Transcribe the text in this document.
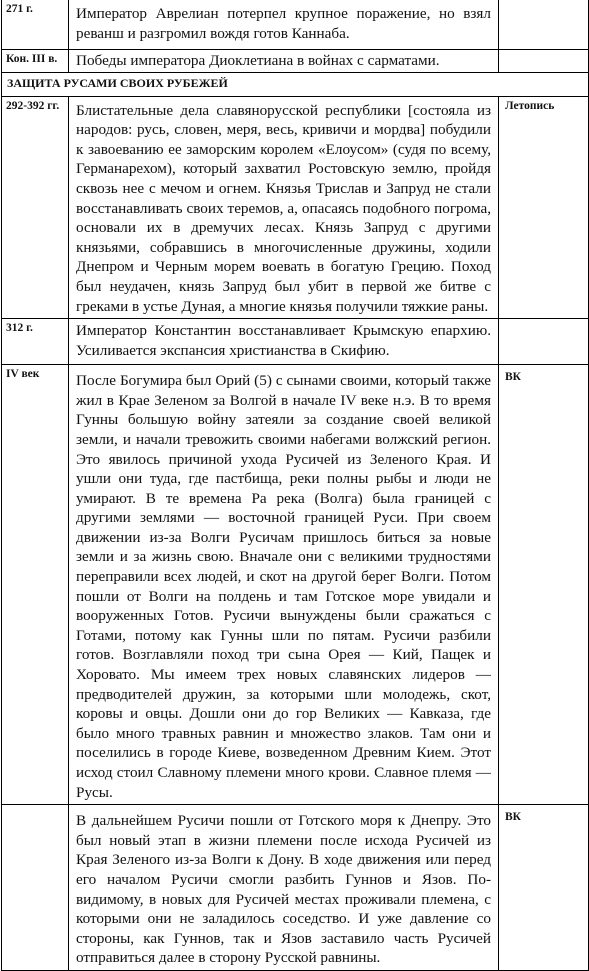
271 г.	Император Аврелиан потерпел крупное поражение, но взял реванш и разгромил вождя готов Каннаба.	
Кон. III в.	Победы императора Диоклетиана в войнах с сарматами.	
ЗАЩИТА РУСАМИ СВОИХ РУБЕЖЕЙ		
292-392 гг.	Блистательные дела славянорусской республики [состояла из народов: русь, словен, меря, весь, кривичи и мордва] побудили к завоеванию ее заморским королем «Елоусом» (судя по всему, Германарехом), который захватил Ростовскую землю, пройдя сквозь нее с мечом и огнем. Князья Трислав и Запруд не стали восстанавливать своих теремов, а, опасаясь подобного погрома, основали их в дремучих лесах. Князь Запруд с другими князьями, собравшись в многочисленные дружины, ходили Днепром и Черным морем воевать в богатую Грецию. Поход был неудачен, князь Запруд был убит в первой же битве с греками в устье Дуная, а многие князья получили тяжкие раны.	Летопись
312 г.	Император Константин восстанавливает Крымскую епархию. Усиливается экспансия христианства в Скифию.	
IV век	После Богумира был Орий (5) с сынами своими, который также жил в Крае Зеленом за Волгой в начале IV веке н.э. В то время Гунны большую войну затеяли за создание своей великой земли, и начали тревожить своими набегами волжский регион. Это явилось причиной ухода Русичей из Зеленого Края. И ушли они туда, где пастбища, реки полны рыбы и люди не умирают. В те времена Ра река (Волга) была границей с другими землями — восточной границей Руси. При своем движении из-за Волги Русичам пришлось биться за новые земли и за жизнь свою. Вначале они с великими трудностями переправили всех людей, и скот на другой берег Волги. Потом пошли от Волги на полдень и там Готское море увидали и вооруженных Готов. Русичи вынуждены были сражаться с Готами, потому как Гунны шли по пятам. Русичи разбили готов. Возглавляли поход три сына Орея — Кий, Пащек и Хоровато. Мы имеем трех новых славянских лидеров — предводителей дружин, за которыми шли молодежь, скот, коровы и овцы. Дошли они до гор Великих — Кавказа, где было много травных равнин и множество злаков. Там они и поселились в городе Киеве, возведенном Древним Кием. Этот исход стоил Славному племени много крови. Славное племя — Русы.	ВК
	В дальнейшем Русичи пошли от Готского моря к Днепру. Это был новый этап в жизни племени после исхода Русичей из Края Зеленого из-за Волги к Дону. В ходе движения или перед его началом Русичи смогли разбить Гуннов и Язов. По-видимому, в новых для Русичей местах проживали племена, с которыми они не заладилось соседство. И уже давление со стороны, как Гуннов, так и Язов заставило часть Русичей отправиться далее в сторону Русской равнины.	ВК
